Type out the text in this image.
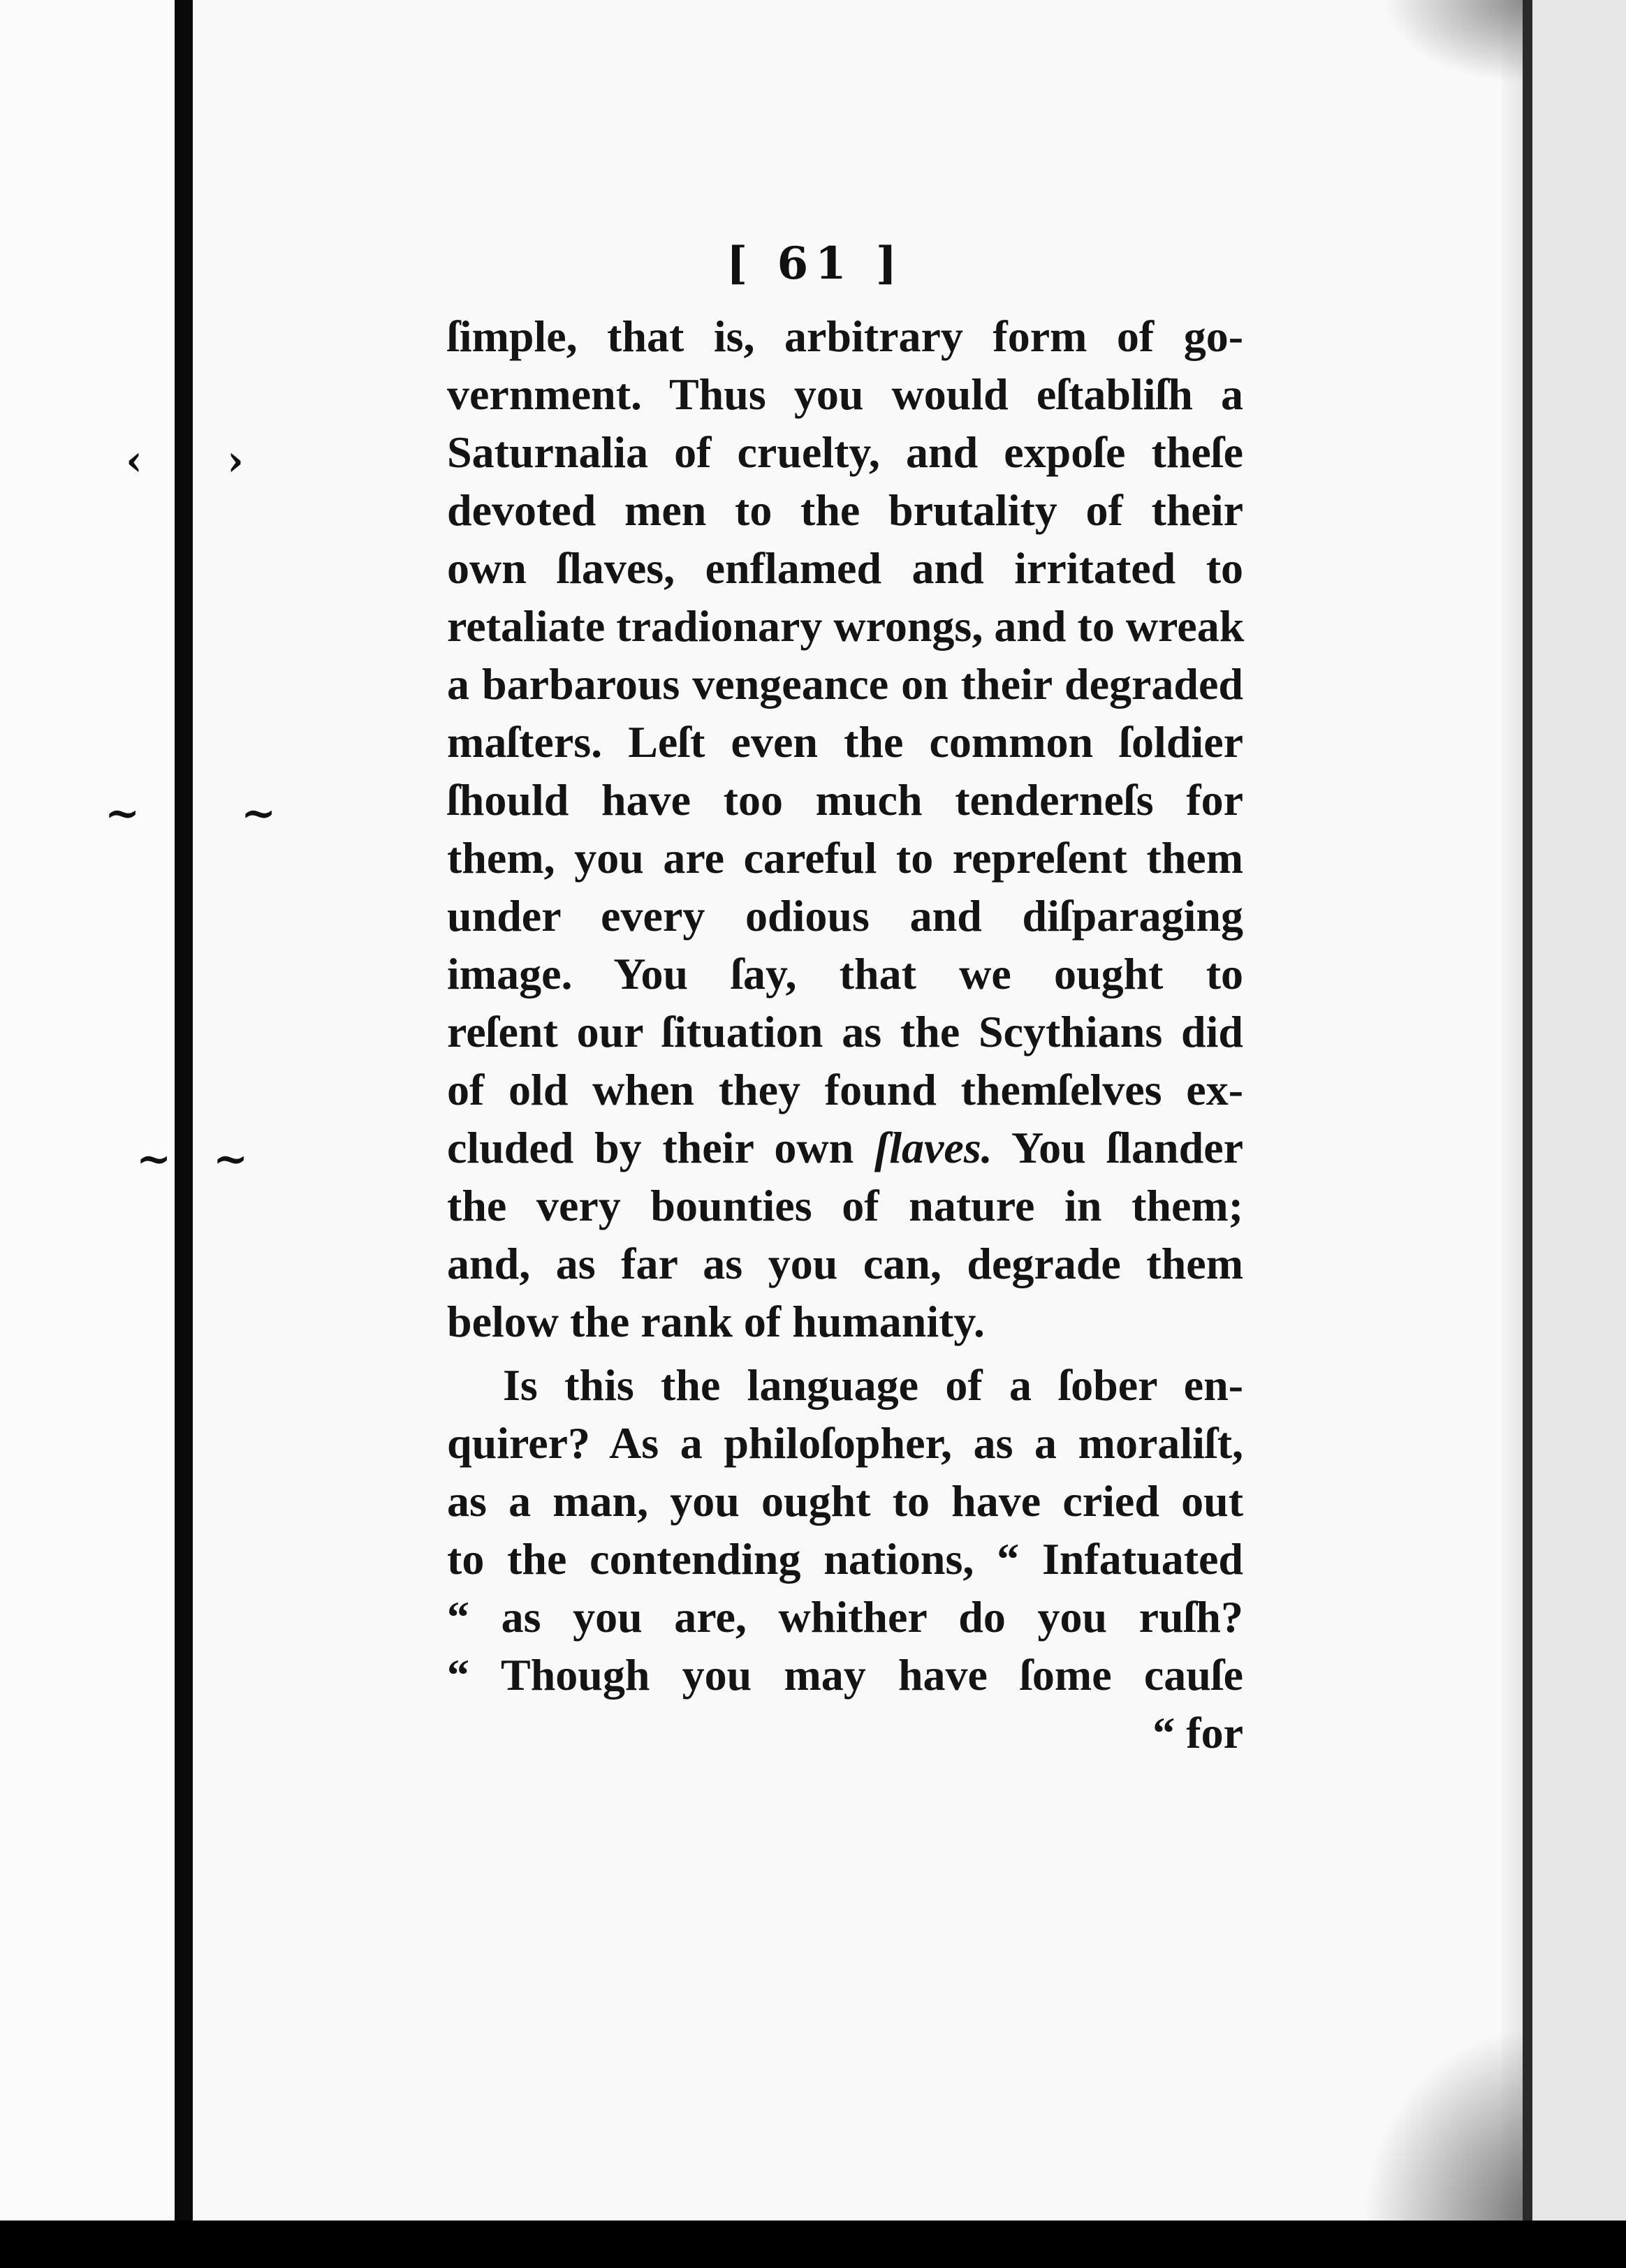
‹ ›
~ ~
~ ~
[ 61 ]
ſimple, that is, arbitrary form of go-
vernment. Thus you would eſtabliſh a
Saturnalia of cruelty, and expoſe theſe
devoted men to the brutality of their
own ſlaves, enflamed and irritated to
retaliate tradionary wrongs, and to wreak
a barbarous vengeance on their degraded
maſters. Leſt even the common ſoldier
ſhould have too much tenderneſs for
them, you are careful to repreſent them
under every odious and diſparaging
image. You ſay, that we ought to
reſent our ſituation as the Scythians did
of old when they found themſelves ex-
cluded by their own ſlaves. You ſlander
the very bounties of nature in them;
and, as far as you can, degrade them
below the rank of humanity.
Is this the language of a ſober en-
quirer? As a philoſopher, as a moraliſt,
as a man, you ought to have cried out
to the contending nations, “ Infatuated
“ as you are, whither do you ruſh?
“ Though you may have ſome cauſe
“ for
